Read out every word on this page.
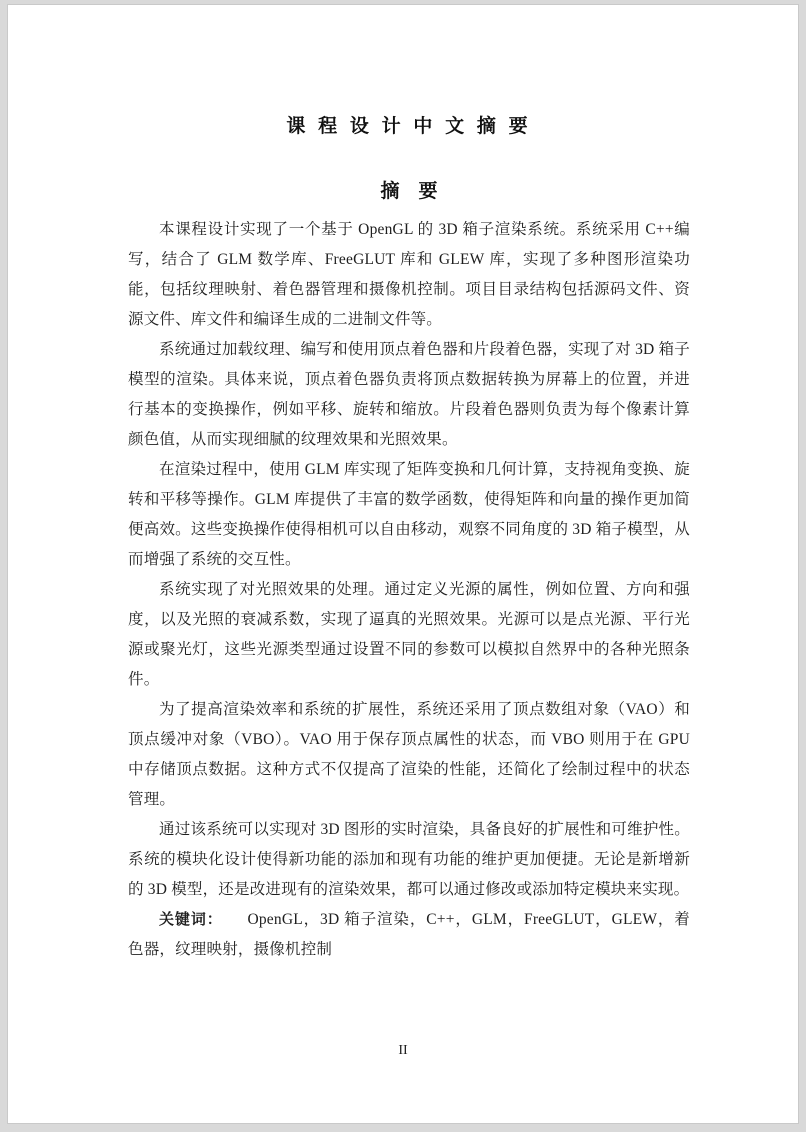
课 程 设 计 中 文 摘 要
摘　要

本课程设计实现了一个基于 OpenGL 的 3D 箱子渲染系统。系统采用 C++编写，结合了 GLM 数学库、FreeGLUT 库和 GLEW 库，实现了多种图形渲染功能，包括纹理映射、着色器管理和摄像机控制。项目目录结构包括源码文件、资源文件、库文件和编译生成的二进制文件等。

系统通过加载纹理、编写和使用顶点着色器和片段着色器，实现了对 3D 箱子模型的渲染。具体来说，顶点着色器负责将顶点数据转换为屏幕上的位置，并进行基本的变换操作，例如平移、旋转和缩放。片段着色器则负责为每个像素计算颜色值，从而实现细腻的纹理效果和光照效果。

在渲染过程中，使用 GLM 库实现了矩阵变换和几何计算，支持视角变换、旋转和平移等操作。GLM 库提供了丰富的数学函数，使得矩阵和向量的操作更加简便高效。这些变换操作使得相机可以自由移动，观察不同角度的 3D 箱子模型，从而增强了系统的交互性。

系统实现了对光照效果的处理。通过定义光源的属性，例如位置、方向和强度，以及光照的衰减系数，实现了逼真的光照效果。光源可以是点光源、平行光源或聚光灯，这些光源类型通过设置不同的参数可以模拟自然界中的各种光照条件。

为了提高渲染效率和系统的扩展性，系统还采用了顶点数组对象（VAO）和顶点缓冲对象（VBO）。VAO 用于保存顶点属性的状态，而 VBO 则用于在 GPU 中存储顶点数据。这种方式不仅提高了渲染的性能，还简化了绘制过程中的状态管理。

通过该系统可以实现对 3D 图形的实时渲染，具备良好的扩展性和可维护性。系统的模块化设计使得新功能的添加和现有功能的维护更加便捷。无论是新增新的 3D 模型，还是改进现有的渲染效果，都可以通过修改或添加特定模块来实现。

关键词： OpenGL，3D 箱子渲染，C++，GLM，FreeGLUT，GLEW，着色器，纹理映射，摄像机控制

II
